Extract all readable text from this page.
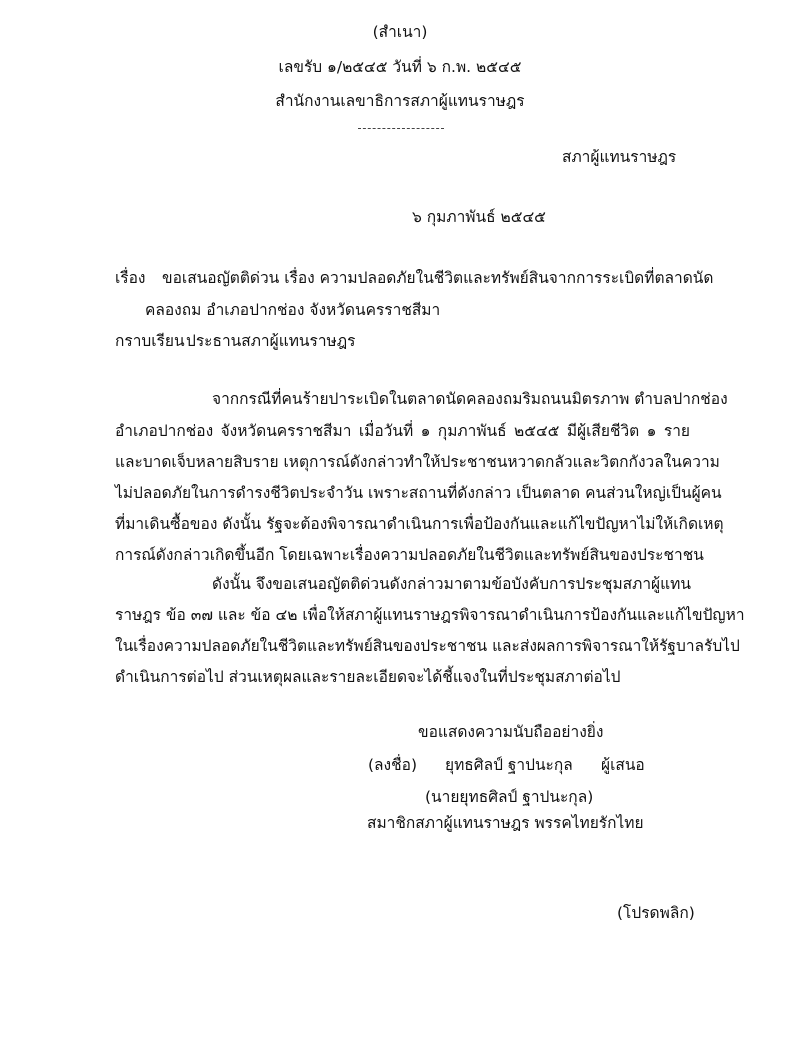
(สำเนา)
เลขรับ ๑/๒๕๔๕ วันที่ ๖ ก.พ. ๒๕๔๕
สำนักงานเลขาธิการสภาผู้แทนราษฎร
สภาผู้แทนราษฎร
๖ กุมภาพันธ์ ๒๕๔๕
เรื่อง ขอเสนอญัตติด่วน เรื่อง ความปลอดภัยในชีวิตและทรัพย์สินจากการระเบิดที่ตลาดนัด
คลองถม อำเภอปากช่อง จังหวัดนครราชสีมา
กราบเรียน ประธานสภาผู้แทนราษฎร
จากกรณีที่คนร้ายปาระเบิดในตลาดนัดคลองถมริมถนนมิตรภาพ ตำบลปากช่อง
อำเภอปากช่อง จังหวัดนครราชสีมา เมื่อวันที่ ๑ กุมภาพันธ์ ๒๕๔๕ มีผู้เสียชีวิต ๑ ราย
และบาดเจ็บหลายสิบราย เหตุการณ์ดังกล่าวทำให้ประชาชนหวาดกลัวและวิตกกังวลในความ
ไม่ปลอดภัยในการดำรงชีวิตประจำวัน เพราะสถานที่ดังกล่าว เป็นตลาด คนส่วนใหญ่เป็นผู้คน
ที่มาเดินซื้อของ ดังนั้น รัฐจะต้องพิจารณาดำเนินการเพื่อป้องกันและแก้ไขปัญหาไม่ให้เกิดเหตุ
การณ์ดังกล่าวเกิดขึ้นอีก โดยเฉพาะเรื่องความปลอดภัยในชีวิตและทรัพย์สินของประชาชน
ดังนั้น จึงขอเสนอญัตติด่วนดังกล่าวมาตามข้อบังคับการประชุมสภาผู้แทน
ราษฎร ข้อ ๓๗ และ ข้อ ๔๒ เพื่อให้สภาผู้แทนราษฎรพิจารณาดำเนินการป้องกันและแก้ไขปัญหา
ในเรื่องความปลอดภัยในชีวิตและทรัพย์สินของประชาชน และส่งผลการพิจารณาให้รัฐบาลรับไป
ดำเนินการต่อไป ส่วนเหตุผลและรายละเอียดจะได้ชี้แจงในที่ประชุมสภาต่อไป
ขอแสดงความนับถืออย่างยิ่ง
(ลงชื่อ) ยุทธศิลป์ ฐาปนะกุล ผู้เสนอ
(นายยุทธศิลป์ ฐาปนะกุล)
สมาชิกสภาผู้แทนราษฎร พรรคไทยรักไทย
(โปรดพลิก)
